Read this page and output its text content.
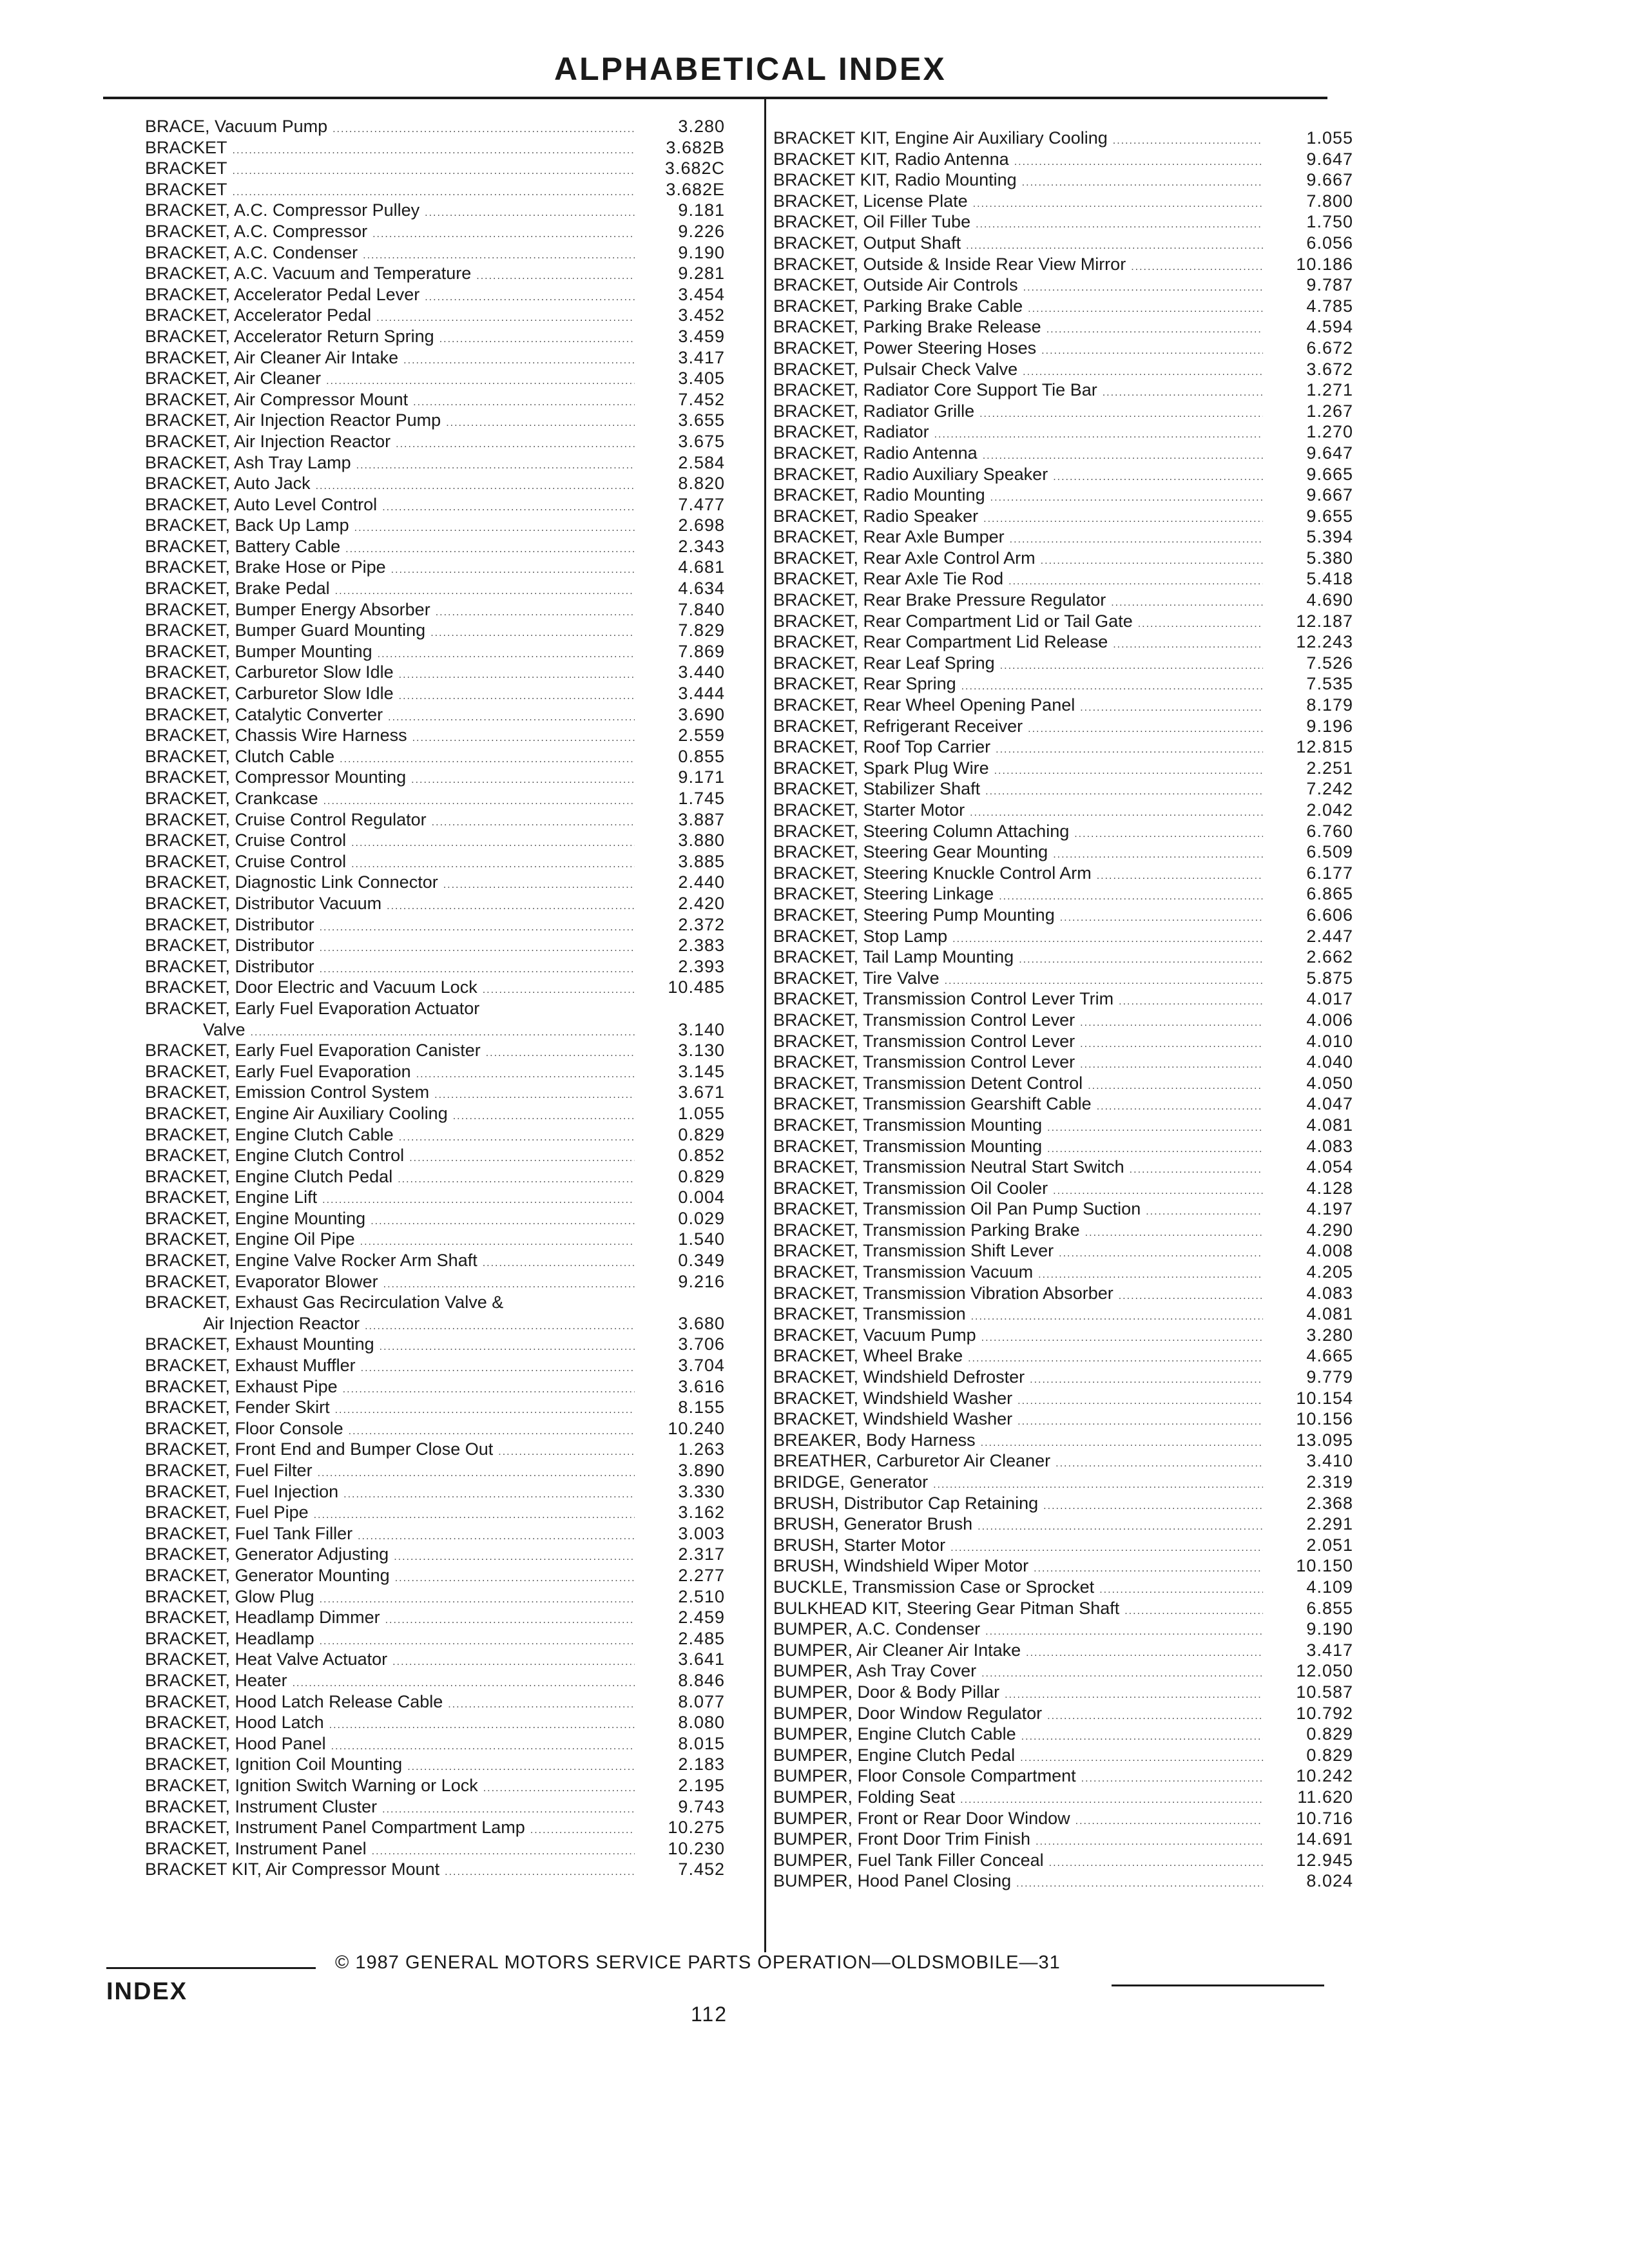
ALPHABETICAL INDEX
BRACE, Vacuum Pump .....	3.280
BRACKET .....	3.682B
BRACKET .....	3.682C
BRACKET .....	3.682E
BRACKET, A.C. Compressor Pulley .....	9.181
BRACKET, A.C. Compressor .....	9.226
BRACKET, A.C. Condenser .....	9.190
BRACKET, A.C. Vacuum and Temperature .....	9.281
BRACKET, Accelerator Pedal Lever .....	3.454
BRACKET, Accelerator Pedal .....	3.452
BRACKET, Accelerator Return Spring .....	3.459
BRACKET, Air Cleaner Air Intake .....	3.417
BRACKET, Air Cleaner .....	3.405
BRACKET, Air Compressor Mount .....	7.452
BRACKET, Air Injection Reactor Pump .....	3.655
BRACKET, Air Injection Reactor .....	3.675
BRACKET, Ash Tray Lamp .....	2.584
BRACKET, Auto Jack .....	8.820
BRACKET, Auto Level Control .....	7.477
BRACKET, Back Up Lamp .....	2.698
BRACKET, Battery Cable .....	2.343
BRACKET, Brake Hose or Pipe .....	4.681
BRACKET, Brake Pedal .....	4.634
BRACKET, Bumper Energy Absorber .....	7.840
BRACKET, Bumper Guard Mounting .....	7.829
BRACKET, Bumper Mounting .....	7.869
BRACKET, Carburetor Slow Idle .....	3.440
BRACKET, Carburetor Slow Idle .....	3.444
BRACKET, Catalytic Converter .....	3.690
BRACKET, Chassis Wire Harness .....	2.559
BRACKET, Clutch Cable .....	0.855
BRACKET, Compressor Mounting .....	9.171
BRACKET, Crankcase .....	1.745
BRACKET, Cruise Control Regulator .....	3.887
BRACKET, Cruise Control .....	3.880
BRACKET, Cruise Control .....	3.885
BRACKET, Diagnostic Link Connector .....	2.440
BRACKET, Distributor Vacuum .....	2.420
BRACKET, Distributor .....	2.372
BRACKET, Distributor .....	2.383
BRACKET, Distributor .....	2.393
BRACKET, Door Electric and Vacuum Lock .....	10.485
BRACKET, Early Fuel Evaporation Actuator
Valve .....	3.140
BRACKET, Early Fuel Evaporation Canister .....	3.130
BRACKET, Early Fuel Evaporation .....	3.145
BRACKET, Emission Control System .....	3.671
BRACKET, Engine Air Auxiliary Cooling .....	1.055
BRACKET, Engine Clutch Cable .....	0.829
BRACKET, Engine Clutch Control .....	0.852
BRACKET, Engine Clutch Pedal .....	0.829
BRACKET, Engine Lift .....	0.004
BRACKET, Engine Mounting .....	0.029
BRACKET, Engine Oil Pipe .....	1.540
BRACKET, Engine Valve Rocker Arm Shaft .....	0.349
BRACKET, Evaporator Blower .....	9.216
BRACKET, Exhaust Gas Recirculation Valve &
Air Injection Reactor .....	3.680
BRACKET, Exhaust Mounting .....	3.706
BRACKET, Exhaust Muffler .....	3.704
BRACKET, Exhaust Pipe .....	3.616
BRACKET, Fender Skirt .....	8.155
BRACKET, Floor Console .....	10.240
BRACKET, Front End and Bumper Close Out .....	1.263
BRACKET, Fuel Filter .....	3.890
BRACKET, Fuel Injection .....	3.330
BRACKET, Fuel Pipe .....	3.162
BRACKET, Fuel Tank Filler .....	3.003
BRACKET, Generator Adjusting .....	2.317
BRACKET, Generator Mounting .....	2.277
BRACKET, Glow Plug .....	2.510
BRACKET, Headlamp Dimmer .....	2.459
BRACKET, Headlamp .....	2.485
BRACKET, Heat Valve Actuator .....	3.641
BRACKET, Heater .....	8.846
BRACKET, Hood Latch Release Cable .....	8.077
BRACKET, Hood Latch .....	8.080
BRACKET, Hood Panel .....	8.015
BRACKET, Ignition Coil Mounting .....	2.183
BRACKET, Ignition Switch Warning or Lock .....	2.195
BRACKET, Instrument Cluster .....	9.743
BRACKET, Instrument Panel Compartment Lamp .....	10.275
BRACKET, Instrument Panel .....	10.230
BRACKET KIT, Air Compressor Mount .....	7.452
BRACKET KIT, Engine Air Auxiliary Cooling .....	1.055
BRACKET KIT, Radio Antenna .....	9.647
BRACKET KIT, Radio Mounting .....	9.667
BRACKET, License Plate .....	7.800
BRACKET, Oil Filler Tube .....	1.750
BRACKET, Output Shaft .....	6.056
BRACKET, Outside & Inside Rear View Mirror .....	10.186
BRACKET, Outside Air Controls .....	9.787
BRACKET, Parking Brake Cable .....	4.785
BRACKET, Parking Brake Release .....	4.594
BRACKET, Power Steering Hoses .....	6.672
BRACKET, Pulsair Check Valve .....	3.672
BRACKET, Radiator Core Support Tie Bar .....	1.271
BRACKET, Radiator Grille .....	1.267
BRACKET, Radiator .....	1.270
BRACKET, Radio Antenna .....	9.647
BRACKET, Radio Auxiliary Speaker .....	9.665
BRACKET, Radio Mounting .....	9.667
BRACKET, Radio Speaker .....	9.655
BRACKET, Rear Axle Bumper .....	5.394
BRACKET, Rear Axle Control Arm .....	5.380
BRACKET, Rear Axle Tie Rod .....	5.418
BRACKET, Rear Brake Pressure Regulator .....	4.690
BRACKET, Rear Compartment Lid or Tail Gate .....	12.187
BRACKET, Rear Compartment Lid Release .....	12.243
BRACKET, Rear Leaf Spring .....	7.526
BRACKET, Rear Spring .....	7.535
BRACKET, Rear Wheel Opening Panel .....	8.179
BRACKET, Refrigerant Receiver .....	9.196
BRACKET, Roof Top Carrier .....	12.815
BRACKET, Spark Plug Wire .....	2.251
BRACKET, Stabilizer Shaft .....	7.242
BRACKET, Starter Motor .....	2.042
BRACKET, Steering Column Attaching .....	6.760
BRACKET, Steering Gear Mounting .....	6.509
BRACKET, Steering Knuckle Control Arm .....	6.177
BRACKET, Steering Linkage .....	6.865
BRACKET, Steering Pump Mounting .....	6.606
BRACKET, Stop Lamp .....	2.447
BRACKET, Tail Lamp Mounting .....	2.662
BRACKET, Tire Valve .....	5.875
BRACKET, Transmission Control Lever Trim .....	4.017
BRACKET, Transmission Control Lever .....	4.006
BRACKET, Transmission Control Lever .....	4.010
BRACKET, Transmission Control Lever .....	4.040
BRACKET, Transmission Detent Control .....	4.050
BRACKET, Transmission Gearshift Cable .....	4.047
BRACKET, Transmission Mounting .....	4.081
BRACKET, Transmission Mounting .....	4.083
BRACKET, Transmission Neutral Start Switch .....	4.054
BRACKET, Transmission Oil Cooler .....	4.128
BRACKET, Transmission Oil Pan Pump Suction .....	4.197
BRACKET, Transmission Parking Brake .....	4.290
BRACKET, Transmission Shift Lever .....	4.008
BRACKET, Transmission Vacuum .....	4.205
BRACKET, Transmission Vibration Absorber .....	4.083
BRACKET, Transmission .....	4.081
BRACKET, Vacuum Pump .....	3.280
BRACKET, Wheel Brake .....	4.665
BRACKET, Windshield Defroster .....	9.779
BRACKET, Windshield Washer .....	10.154
BRACKET, Windshield Washer .....	10.156
BREAKER, Body Harness .....	13.095
BREATHER, Carburetor Air Cleaner .....	3.410
BRIDGE, Generator .....	2.319
BRUSH, Distributor Cap Retaining .....	2.368
BRUSH, Generator Brush .....	2.291
BRUSH, Starter Motor .....	2.051
BRUSH, Windshield Wiper Motor .....	10.150
BUCKLE, Transmission Case or Sprocket .....	4.109
BULKHEAD KIT, Steering Gear Pitman Shaft .....	6.855
BUMPER, A.C. Condenser .....	9.190
BUMPER, Air Cleaner Air Intake .....	3.417
BUMPER, Ash Tray Cover .....	12.050
BUMPER, Door & Body Pillar .....	10.587
BUMPER, Door Window Regulator .....	10.792
BUMPER, Engine Clutch Cable .....	0.829
BUMPER, Engine Clutch Pedal .....	0.829
BUMPER, Floor Console Compartment .....	10.242
BUMPER, Folding Seat .....	11.620
BUMPER, Front or Rear Door Window .....	10.716
BUMPER, Front Door Trim Finish .....	14.691
BUMPER, Fuel Tank Filler Conceal .....	12.945
BUMPER, Hood Panel Closing .....	8.024
© 1987 GENERAL MOTORS SERVICE PARTS OPERATION—OLDSMOBILE—31
INDEX
112
